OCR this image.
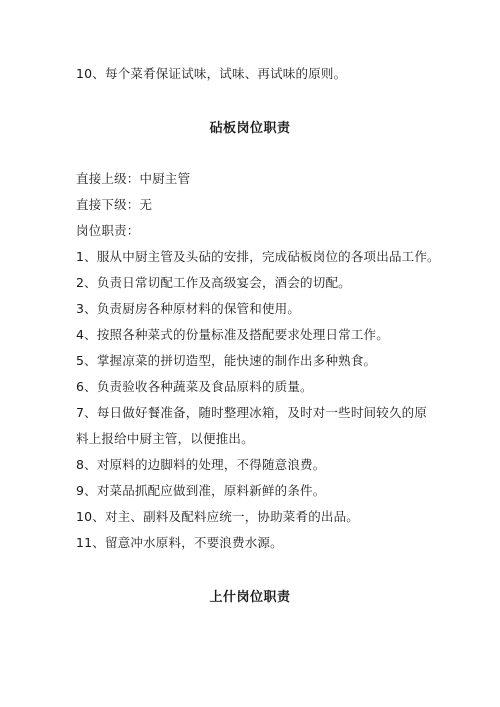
10、每个菜肴保证试味，试味、再试味的原则。
砧板岗位职责
直接上级：中厨主管
直接下级：无
岗位职责：
1、服从中厨主管及头砧的安排，完成砧板岗位的各项出品工作。
2、负责日常切配工作及高级宴会，酒会的切配。
3、负责厨房各种原材料的保管和使用。
4、按照各种菜式的份量标准及搭配要求处理日常工作。
5、掌握凉菜的拼切造型，能快速的制作出多种熟食。
6、负责验收各种蔬菜及食品原料的质量。
7、每日做好餐准备，随时整理冰箱，及时对一些时间较久的原
料上报给中厨主管，以便推出。
8、对原料的边脚料的处理，不得随意浪费。
9、对菜品抓配应做到准，原料新鲜的条件。
10、对主、副料及配料应统一，协助菜肴的出品。
11、留意冲水原料，不要浪费水源。
上什岗位职责
